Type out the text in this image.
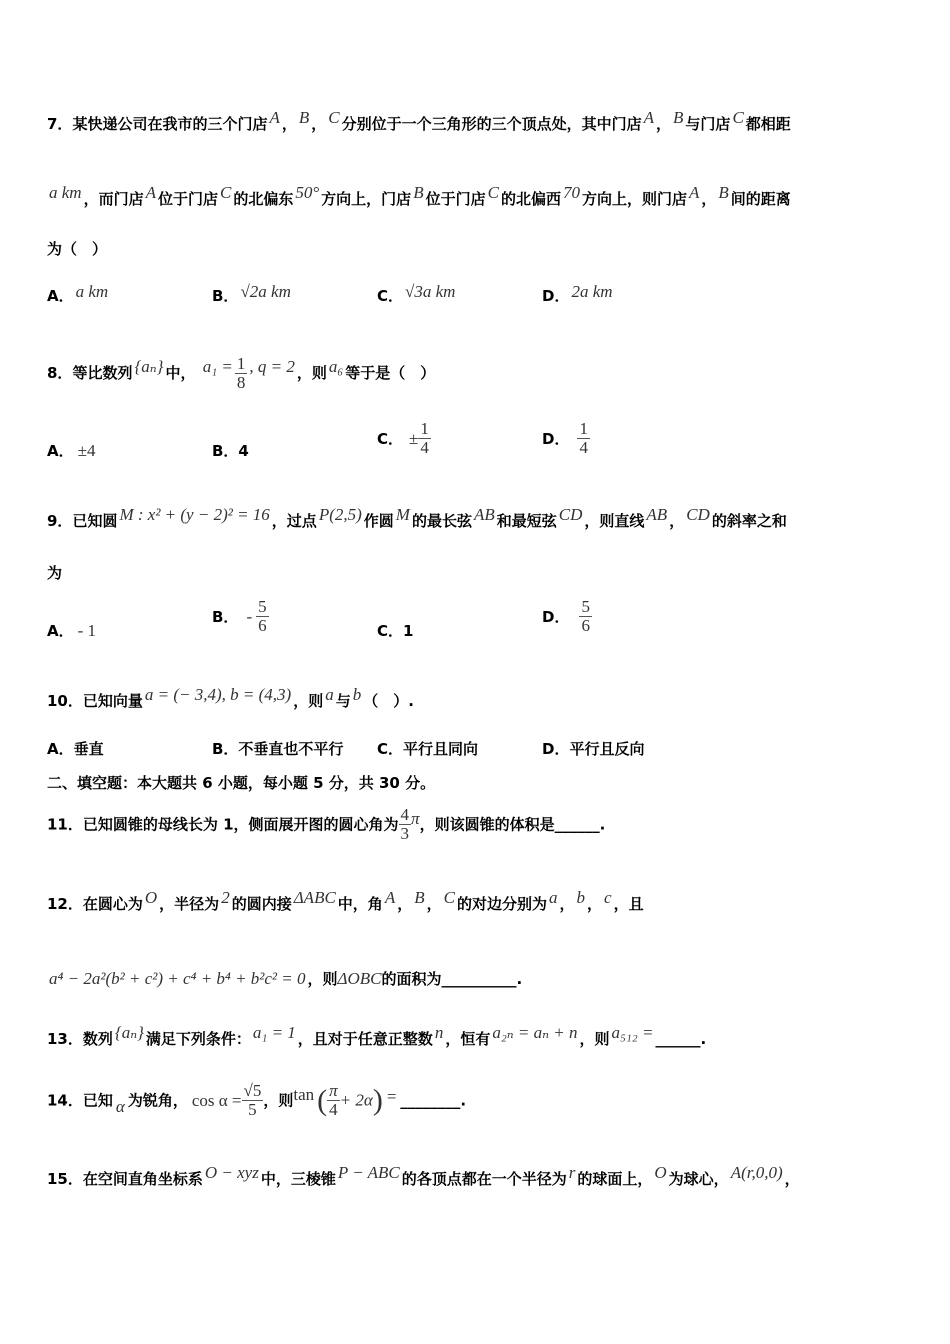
7．某快递公司在我市的三个门店 A ， B ， C 分别位于一个三角形的三个顶点处，其中门店 A ， B 与门店 C 都相距
a km ，而门店 A 位于门店 C 的北偏东 50° 方向上，门店 B 位于门店 C 的北偏西 70 方向上，则门店 A ， B 间的距离
为（　）
A． a km	B． √2a km	C． √3a km	D． 2a km
8．等比数列 {aₙ} 中， $a_1 = \frac{1}{8}$ , q = 2 ，则 a₆ 等于是（　）
A． ±4	B．4
C． ± $\frac{1}{4}$	D． $\frac{1}{4}$
9．已知圆 M : x² + (y − 2)² = 16 ，过点 P(2,5) 作圆 M 的最长弦 AB 和最短弦 CD ，则直线 AB ， CD 的斜率之和
为
A． - 1
B． - $\frac{5}{6}$	C．1
D． $\frac{5}{6}$
10．已知向量 a = (− 3,4), b = (4,3) ，则 a 与 b （　）.
A．垂直	B．不垂直也不平行 C．平行且同向	D．平行且反向
二、填空题：本大题共 6 小题，每小题 5 分，共 30 分。
11．已知圆锥的母线长为 1，侧面展开图的圆心角为 $\frac{4}{3}$ π，则该圆锥的体积是______.
12．在圆心为 O ，半径为 2 的圆内接 ΔABC 中，角 A ， B ， C 的对边分别为 a ， b ， c ，且
a⁴ − 2a²(b² + c²) + c⁴ + b⁴ + b²c² = 0 ，则ΔOBC的面积为__________.
13．数列 {aₙ} 满足下列条件： a₁ = 1 ，且对于任意正整数 n ，恒有 a₂ₙ = aₙ + n ，则 a₅₁₂ = ______.
14．已知 α 为锐角， $\cos \alpha = \frac{√5}{5}$ ，则tan ( $\frac{\pi}{4} + 2\alpha$) = ________.
15．在空间直角坐标系 O − xyz 中，三棱锥 P − ABC 的各顶点都在一个半径为 r 的球面上， O 为球心， A(r,0,0) ，
